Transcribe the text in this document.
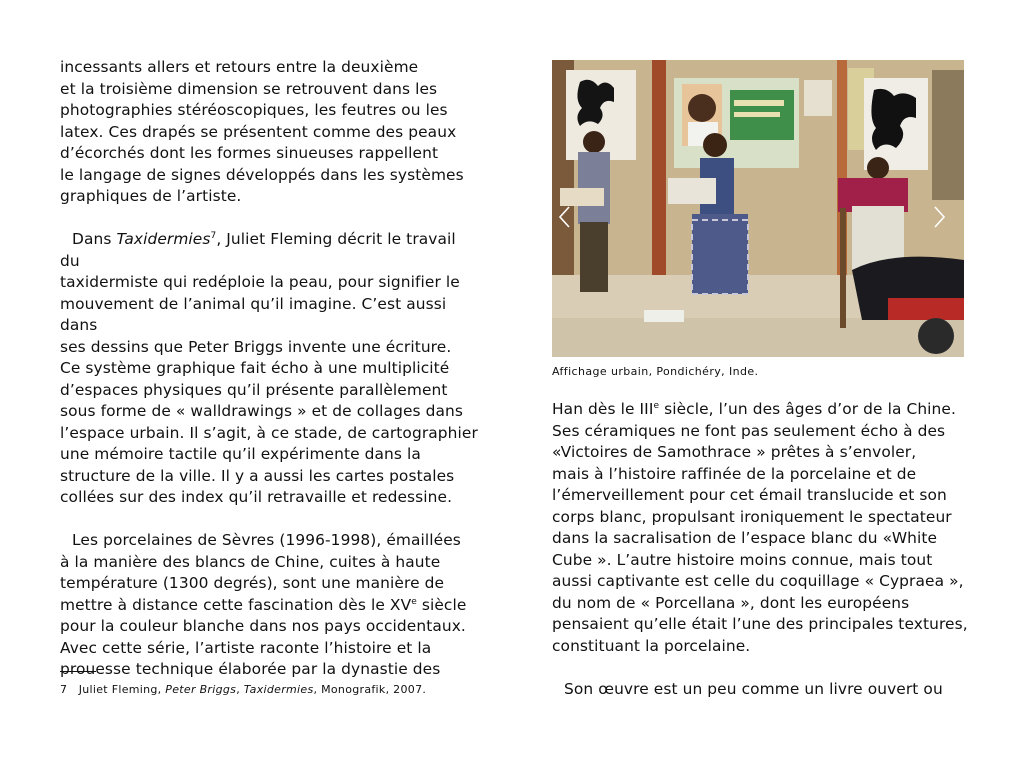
incessants allers et retours entre la deuxième
et la troisième dimension se retrouvent dans les
photographies stéréoscopiques, les feutres ou les
latex. Ces drapés se présentent comme des peaux
d’écorchés dont les formes sinueuses rappellent
le langage de signes développés dans les systèmes
graphiques de l’artiste.

Dans Taxidermies$^7$, Juliet Fleming décrit le travail du
taxidermiste qui redéploie la peau, pour signifier le
mouvement de l’animal qu’il imagine. C’est aussi dans
ses dessins que Peter Briggs invente une écriture.
Ce système graphique fait écho à une multiplicité
d’espaces physiques qu’il présente parallèlement
sous forme de « walldrawings » et de collages dans
l’espace urbain. Il s’agit, à ce stade, de cartographier
une mémoire tactile qu’il expérimente dans la
structure de la ville. Il y a aussi les cartes postales
collées sur des index qu’il retravaille et redessine.

Les porcelaines de Sèvres (1996-1998), émaillées
à la manière des blancs de Chine, cuites à haute
température (1300 degrés), sont une manière de
mettre à distance cette fascination dès le XVe siècle
pour la couleur blanche dans nos pays occidentaux.
Avec cette série, l’artiste raconte l’histoire et la
prouesse technique élaborée par la dynastie des

7 Juliet Fleming, Peter Briggs, Taxidermies, Monografik, 2007.
Affichage urbain, Pondichéry, Inde.

Han dès le IIIe siècle, l’un des âges d’or de la Chine.
Ses céramiques ne font pas seulement écho à des
«Victoires de Samothrace » prêtes à s’envoler,
mais à l’histoire raffinée de la porcelaine et de
l’émerveillement pour cet émail translucide et son
corps blanc, propulsant ironiquement le spectateur
dans la sacralisation de l’espace blanc du «White
Cube ». L’autre histoire moins connue, mais tout
aussi captivante est celle du coquillage « Cypraea »,
du nom de « Porcellana », dont les européens
pensaient qu’elle était l’une des principales textures,
constituant la porcelaine.

Son œuvre est un peu comme un livre ouvert ou
